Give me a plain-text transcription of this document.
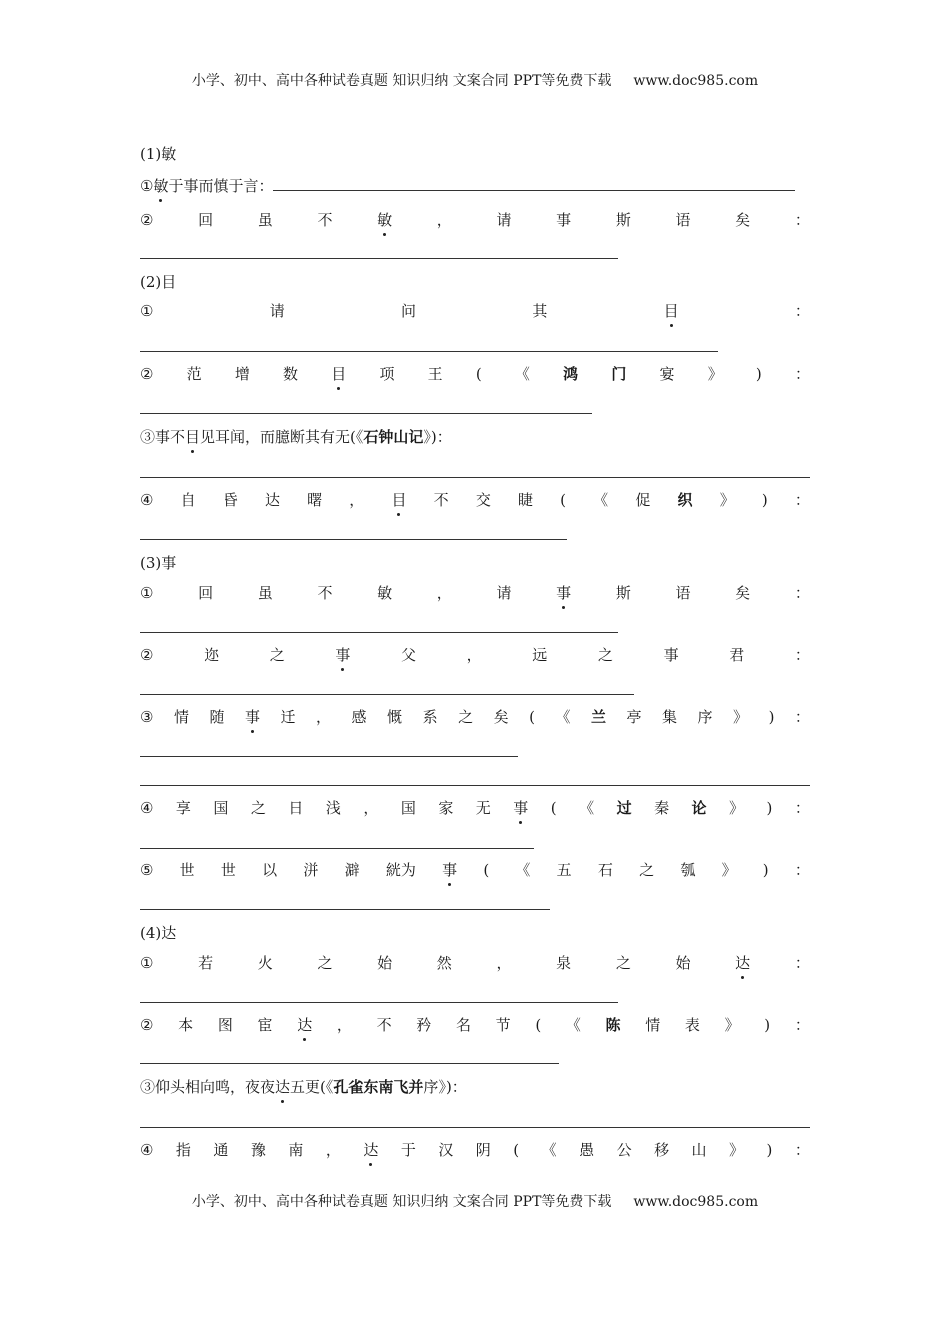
小学、初中、高中各种试卷真题 知识归纳 文案合同 PPT等免费下载 www.doc985.com
(1)敏
①敏于事而慎于言：
②	回	虽	不	敏	，	请	事	斯	语	矣	：
(2)目
①	请	问	其	目	：
② 范 增 数 目 项 王 ( 《 鸿 门 宴 》 ) ：
③事不目见耳闻，而臆断其有无(《石钟山记》)：
④ 自 昏 达 曙 ， 目 不 交 睫 ( 《 促 织 》 ) ：
(3)事
①	回	虽	不	敏	，	请	事	斯	语	矣	：
②	迩	之	事	父	，	远	之	事	君	：
③ 情 随 事 迁 ， 感 慨 系 之 矣 ( 《 兰 亭 集 序 》 ) ：
④ 享 国 之 日 浅 ， 国 家 无 事 ( 《 过 秦 论 》 ) ：
⑤ 世 世 以 洴 澼 絖为 事 ( 《 五 石 之 瓠 》 ) ：
(4)达
①	若	火	之	始	然	，	泉	之	始	达	：
② 本 图 宦 达 ， 不 矜 名 节 ( 《 陈 情 表 》 ) ：
③仰头相向鸣，夜夜达五更(《孔雀东南飞并序》)：
④ 指 通 豫 南 ， 达 于 汉 阴 ( 《 愚 公 移 山 》 ) ：
小学、初中、高中各种试卷真题 知识归纳 文案合同 PPT等免费下载 www.doc985.com
